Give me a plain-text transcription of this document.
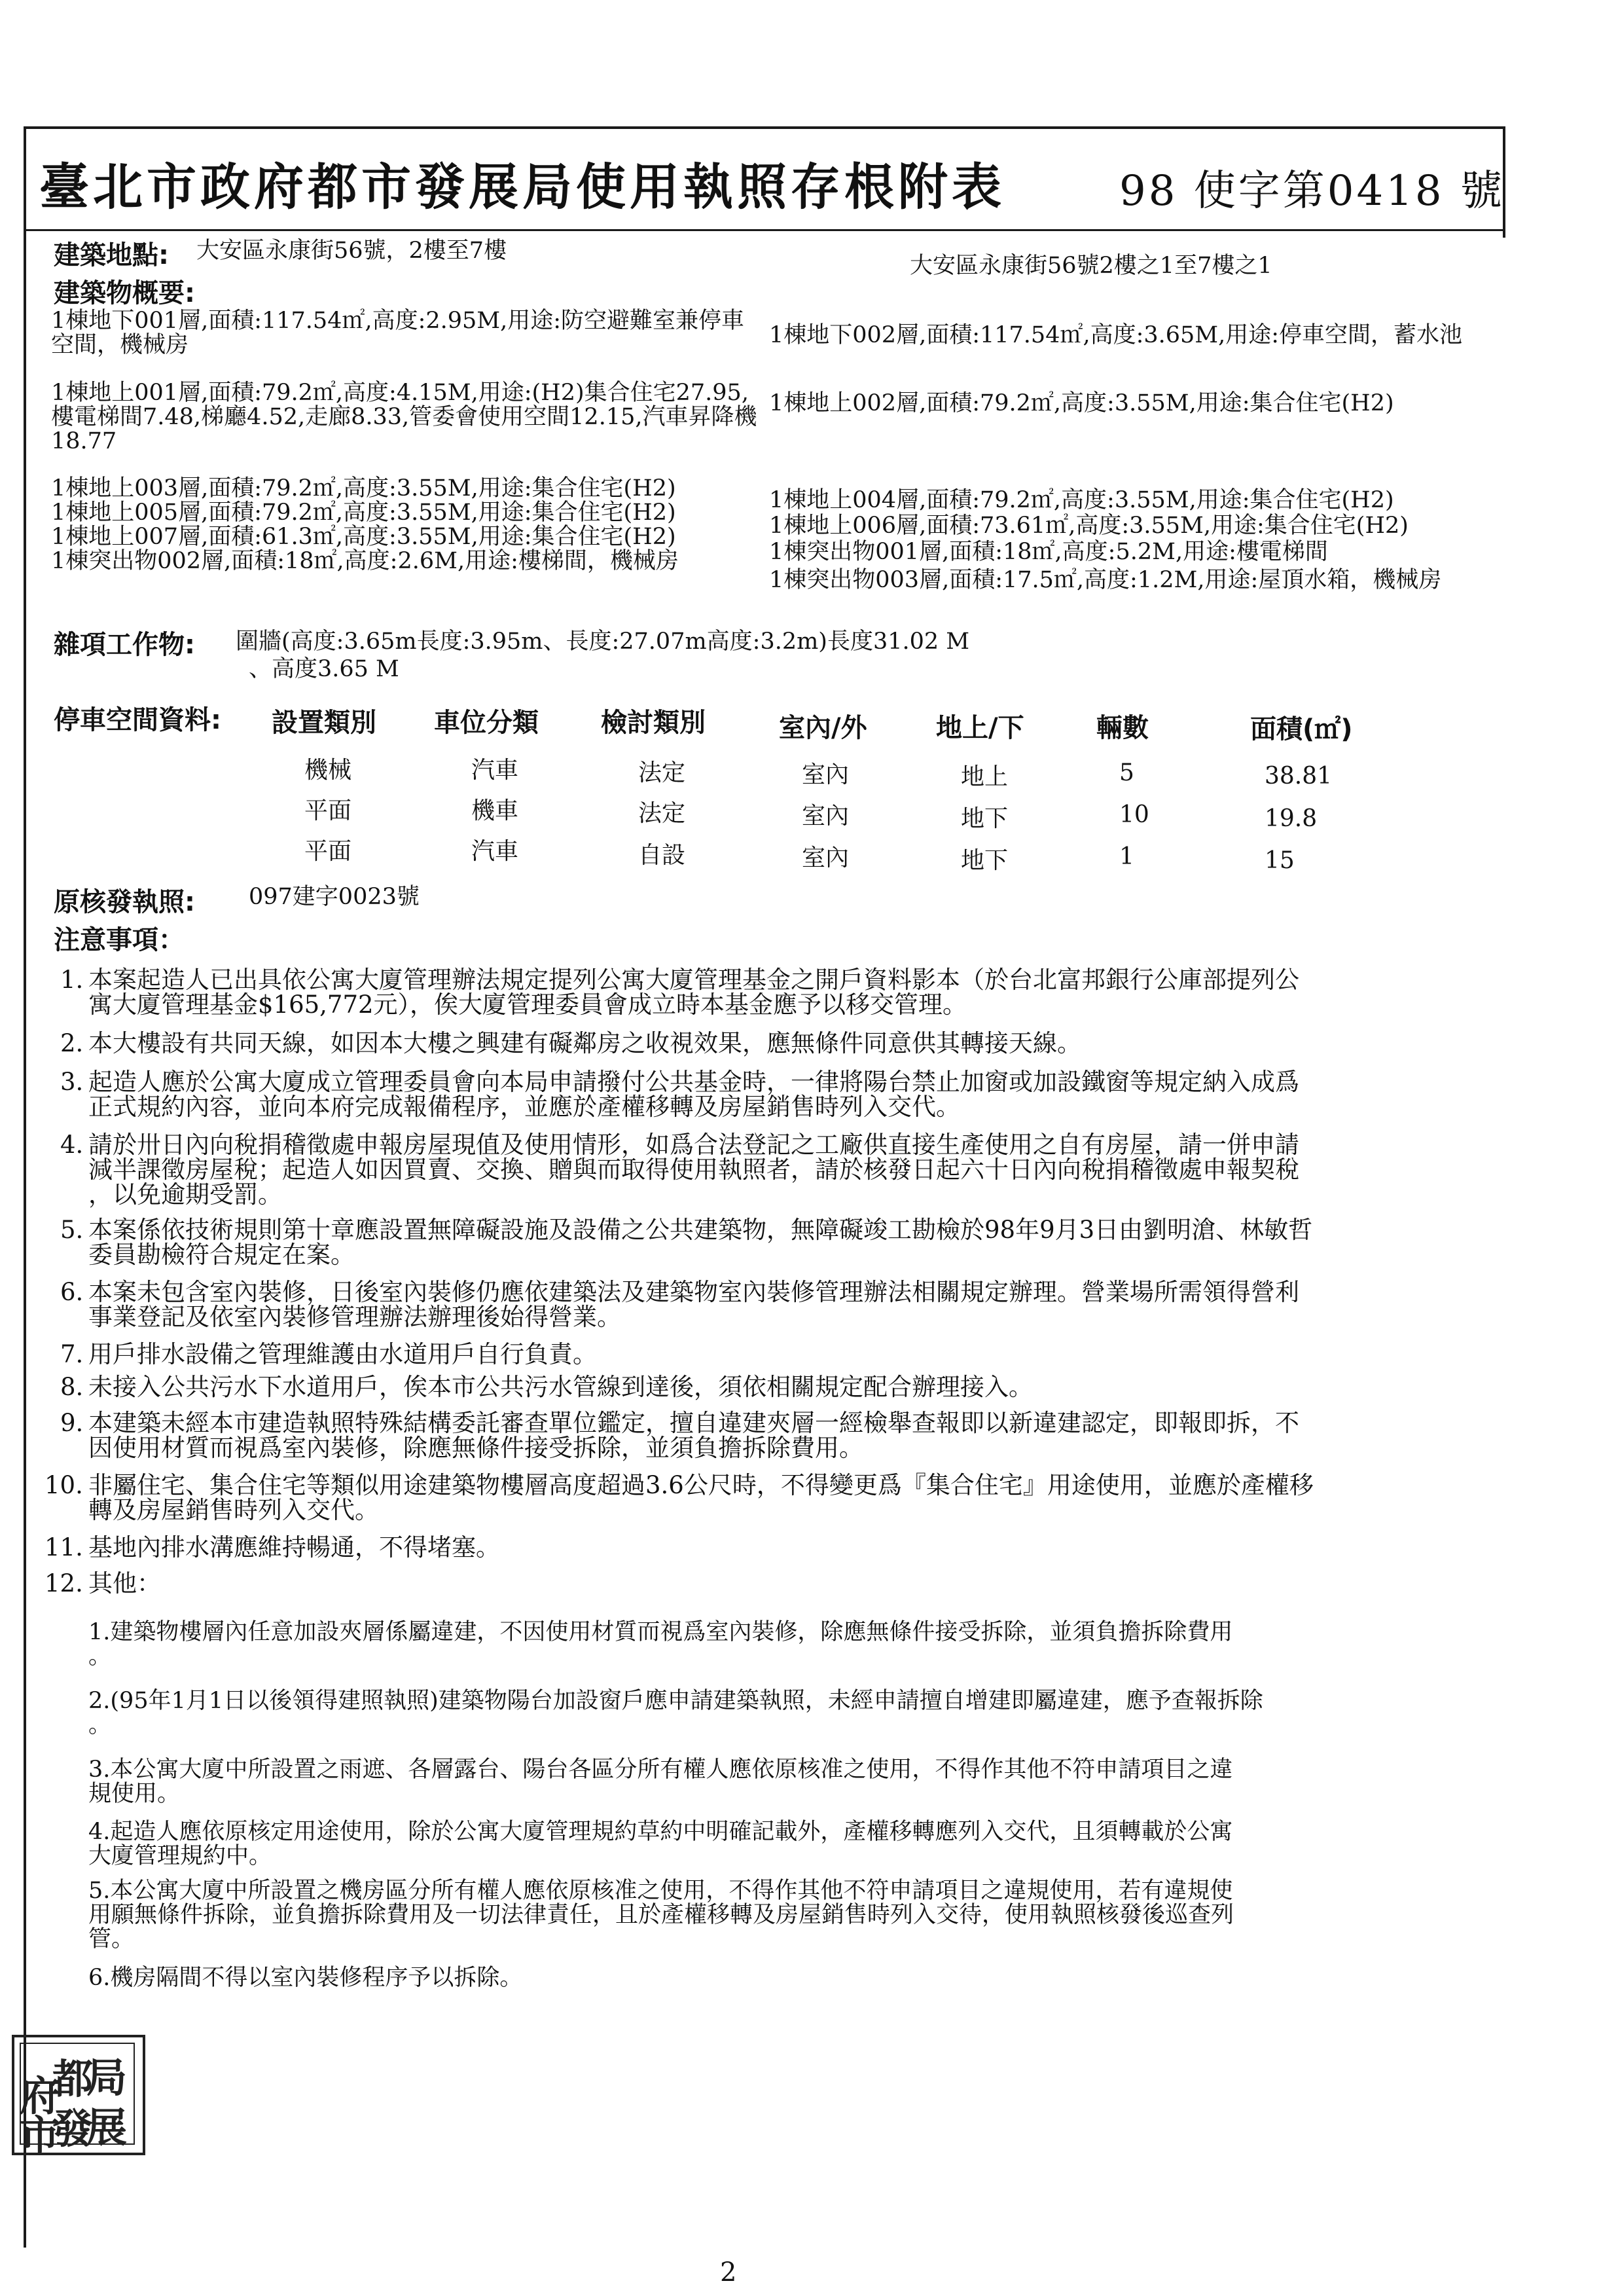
臺北市政府都市發展局使用執照存根附表	98 使字第0418 號
建築地點: 大安區永康街56號，2樓至7樓
大安區永康街56號2樓之1至7樓之1
建築物概要:
1棟地下001層,面積:117.54㎡,高度:2.95M,用途:防空避難室兼停車空間，機械房	1棟地下002層,面積:117.54㎡,高度:3.65M,用途:停車空間，蓄水池
1棟地上001層,面積:79.2㎡,高度:4.15M,用途:(H2)集合住宅27.95,樓電梯間7.48,梯廳4.52,走廊8.33,管委會使用空間12.15,汽車昇降機18.77
1棟地上002層,面積:79.2㎡,高度:3.55M,用途:集合住宅(H2)
1棟地上003層,面積:79.2㎡,高度:3.55M,用途:集合住宅(H2)	1棟地上004層,面積:79.2㎡,高度:3.55M,用途:集合住宅(H2)
1棟地上005層,面積:79.2㎡,高度:3.55M,用途:集合住宅(H2)	1棟地上006層,面積:73.61㎡,高度:3.55M,用途:集合住宅(H2)
1棟地上007層,面積:61.3㎡,高度:3.55M,用途:集合住宅(H2)
1棟突出物001層,面積:18㎡,高度:5.2M,用途:樓電梯間
1棟突出物002層,面積:18㎡,高度:2.6M,用途:樓梯間，機械房
1棟突出物003層,面積:17.5㎡,高度:1.2M,用途:屋頂水箱，機械房
雜項工作物: 圍牆(高度:3.65m長度:3.95m、長度:27.07m高度:3.2m)長度31.02 M
、高度3.65 M
停車空間資料: 設置類別 車位分類 檢討類別	室內/外	地上/下	輛數	面積(㎡)
機械	汽車	法定	室內	地上	5	38.81
平面	機車	法定	室內	地下	10	19.8
平面	汽車	自設	室內	地下	1	15
原核發執照: 097建字0023號
注意事項：
1. 本案起造人已出具依公寓大廈管理辦法規定提列公寓大廈管理基金之開戶資料影本（於台北富邦銀行公庫部提列公
寓大廈管理基金$165,772元），俟大廈管理委員會成立時本基金應予以移交管理。
2. 本大樓設有共同天線，如因本大樓之興建有礙鄰房之收視效果，應無條件同意供其轉接天線。
3. 起造人應於公寓大廈成立管理委員會向本局申請撥付公共基金時，一律將陽台禁止加窗或加設鐵窗等規定納入成爲
正式規約內容，並向本府完成報備程序，並應於產權移轉及房屋銷售時列入交代。
4. 請於卅日內向稅捐稽徵處申報房屋現值及使用情形，如爲合法登記之工廠供直接生產使用之自有房屋，請一併申請
減半課徵房屋稅；起造人如因買賣、交換、贈與而取得使用執照者，請於核發日起六十日內向稅捐稽徵處申報契稅
，以免逾期受罰。
5. 本案係依技術規則第十章應設置無障礙設施及設備之公共建築物，無障礙竣工勘檢於98年9月3日由劉明滄、林敏哲
委員勘檢符合規定在案。
6. 本案未包含室內裝修，日後室內裝修仍應依建築法及建築物室內裝修管理辦法相關規定辦理。營業場所需領得營利
事業登記及依室內裝修管理辦法辦理後始得營業。
7. 用戶排水設備之管理維護由水道用戶自行負責。
8. 未接入公共污水下水道用戶，俟本市公共污水管線到達後，須依相關規定配合辦理接入。
9. 本建築未經本市建造執照特殊結構委託審查單位鑑定，擅自違建夾層一經檢舉查報即以新違建認定，即報即拆，不
因使用材質而視爲室內裝修，除應無條件接受拆除，並須負擔拆除費用。
10. 非屬住宅、集合住宅等類似用途建築物樓層高度超過3.6公尺時，不得變更爲『集合住宅』用途使用，並應於產權移
轉及房屋銷售時列入交代。
11. 基地內排水溝應維持暢通，不得堵塞。
12. 其他：
1.建築物樓層內任意加設夾層係屬違建，不因使用材質而視爲室內裝修，除應無條件接受拆除，並須負擔拆除費用
。
2.(95年1月1日以後領得建照執照)建築物陽台加設窗戶應申請建築執照，未經申請擅自增建即屬違建，應予查報拆除
。
3.本公寓大廈中所設置之雨遮、各層露台、陽台各區分所有權人應依原核准之使用，不得作其他不符申請項目之違
規使用。
4.起造人應依原核定用途使用，除於公寓大廈管理規約草約中明確記載外，產權移轉應列入交代，且須轉載於公寓
大廈管理規約中。
5.本公寓大廈中所設置之機房區分所有權人應依原核准之使用，不得作其他不符申請項目之違規使用，若有違規使
用願無條件拆除，並負擔拆除費用及一切法律責任，且於產權移轉及房屋銷售時列入交待，使用執照核發後巡查列
管。
6.機房隔間不得以室內裝修程序予以拆除。
局
都
府
展
發
市
2
